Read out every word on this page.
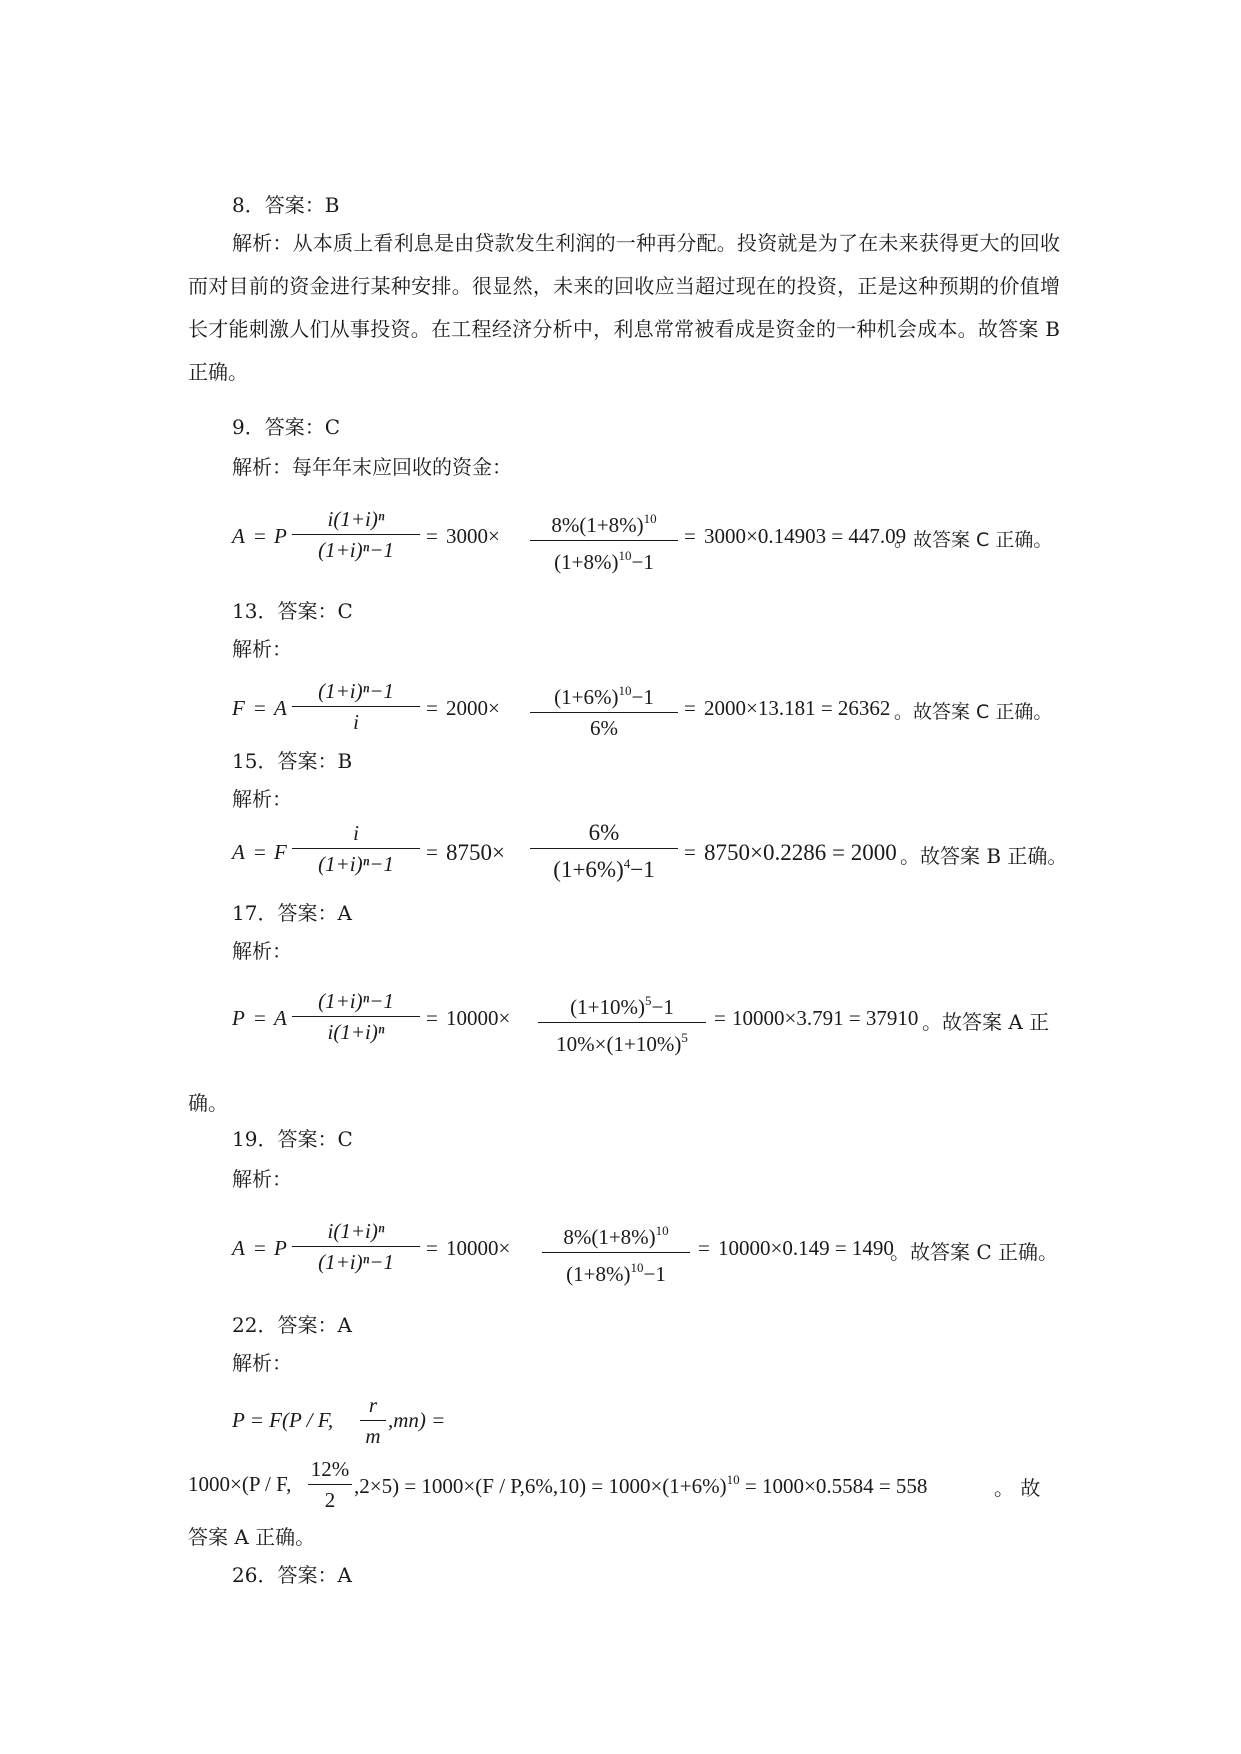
8．答案：B

解析：从本质上看利息是由贷款发生利润的一种再分配。投资就是为了在未来获得更大的回收而对目前的资金进行某种安排。很显然，未来的回收应当超过现在的投资，正是这种预期的价值增长才能刺激人们从事投资。在工程经济分析中，利息常常被看成是资金的一种机会成本。故答案 B 正确。

9．答案：C
解析：每年年末应回收的资金：
A = P $\frac{\text{i(1+i)ⁿ}}{\text{(1+i)ⁿ−1}} = 3000\times \frac{8\%(1+8\%)^{10}}{(1+8\%)^{10}-1} = 3000\times 0.14903 = 447.09$
。故答案 C 正确。
13．答案：C
解析：
F = A $\frac{\text{(1+i)ⁿ−1}}{i} = 2000\times \frac{(1+6\%)^{10}-1}{6\%} = 2000\times 13.181 = 26362$ 。故答案 C 正确。
15．答案：B
解析：
A = F $\frac{i}{\text{(1+i)ⁿ−1}} = 8750\times \frac{6\%}{(1+6\%)^4-1} = 8750\times 0.2286 = 2000$ 。故答案 B 正确。
17．答案：A
解析：
P = A $\frac{\text{(1+i)ⁿ−1}}{\text{i(1+i)ⁿ}} = 10000\times \frac{(1+10\%)^5-1}{10\%\times(1+10\%)^5} = 10000\times 3.791 = 37910$ 。故答案 A 正
确。
19．答案：C
解析：
A = P $\frac{\text{i(1+i)ⁿ}}{\text{(1+i)ⁿ−1}} = 10000\times \frac{8\%(1+8\%)^{10}}{(1+8\%)^{10}-1} = 10000\times 0.149 = 1490$
。故答案 C 正确。
22．答案：A
解析：
P = F(P / F, $\frac{r}{m} ,mn$) =
1000×(P / F, $\frac{12\%}{2} ,2\times 5) = 1000\times(F / P,6\%,10) = 1000\times(1+6\%)^{10} = 1000\times 0.5584 = 558$	。 故
答案 A 正确。
26．答案：A
